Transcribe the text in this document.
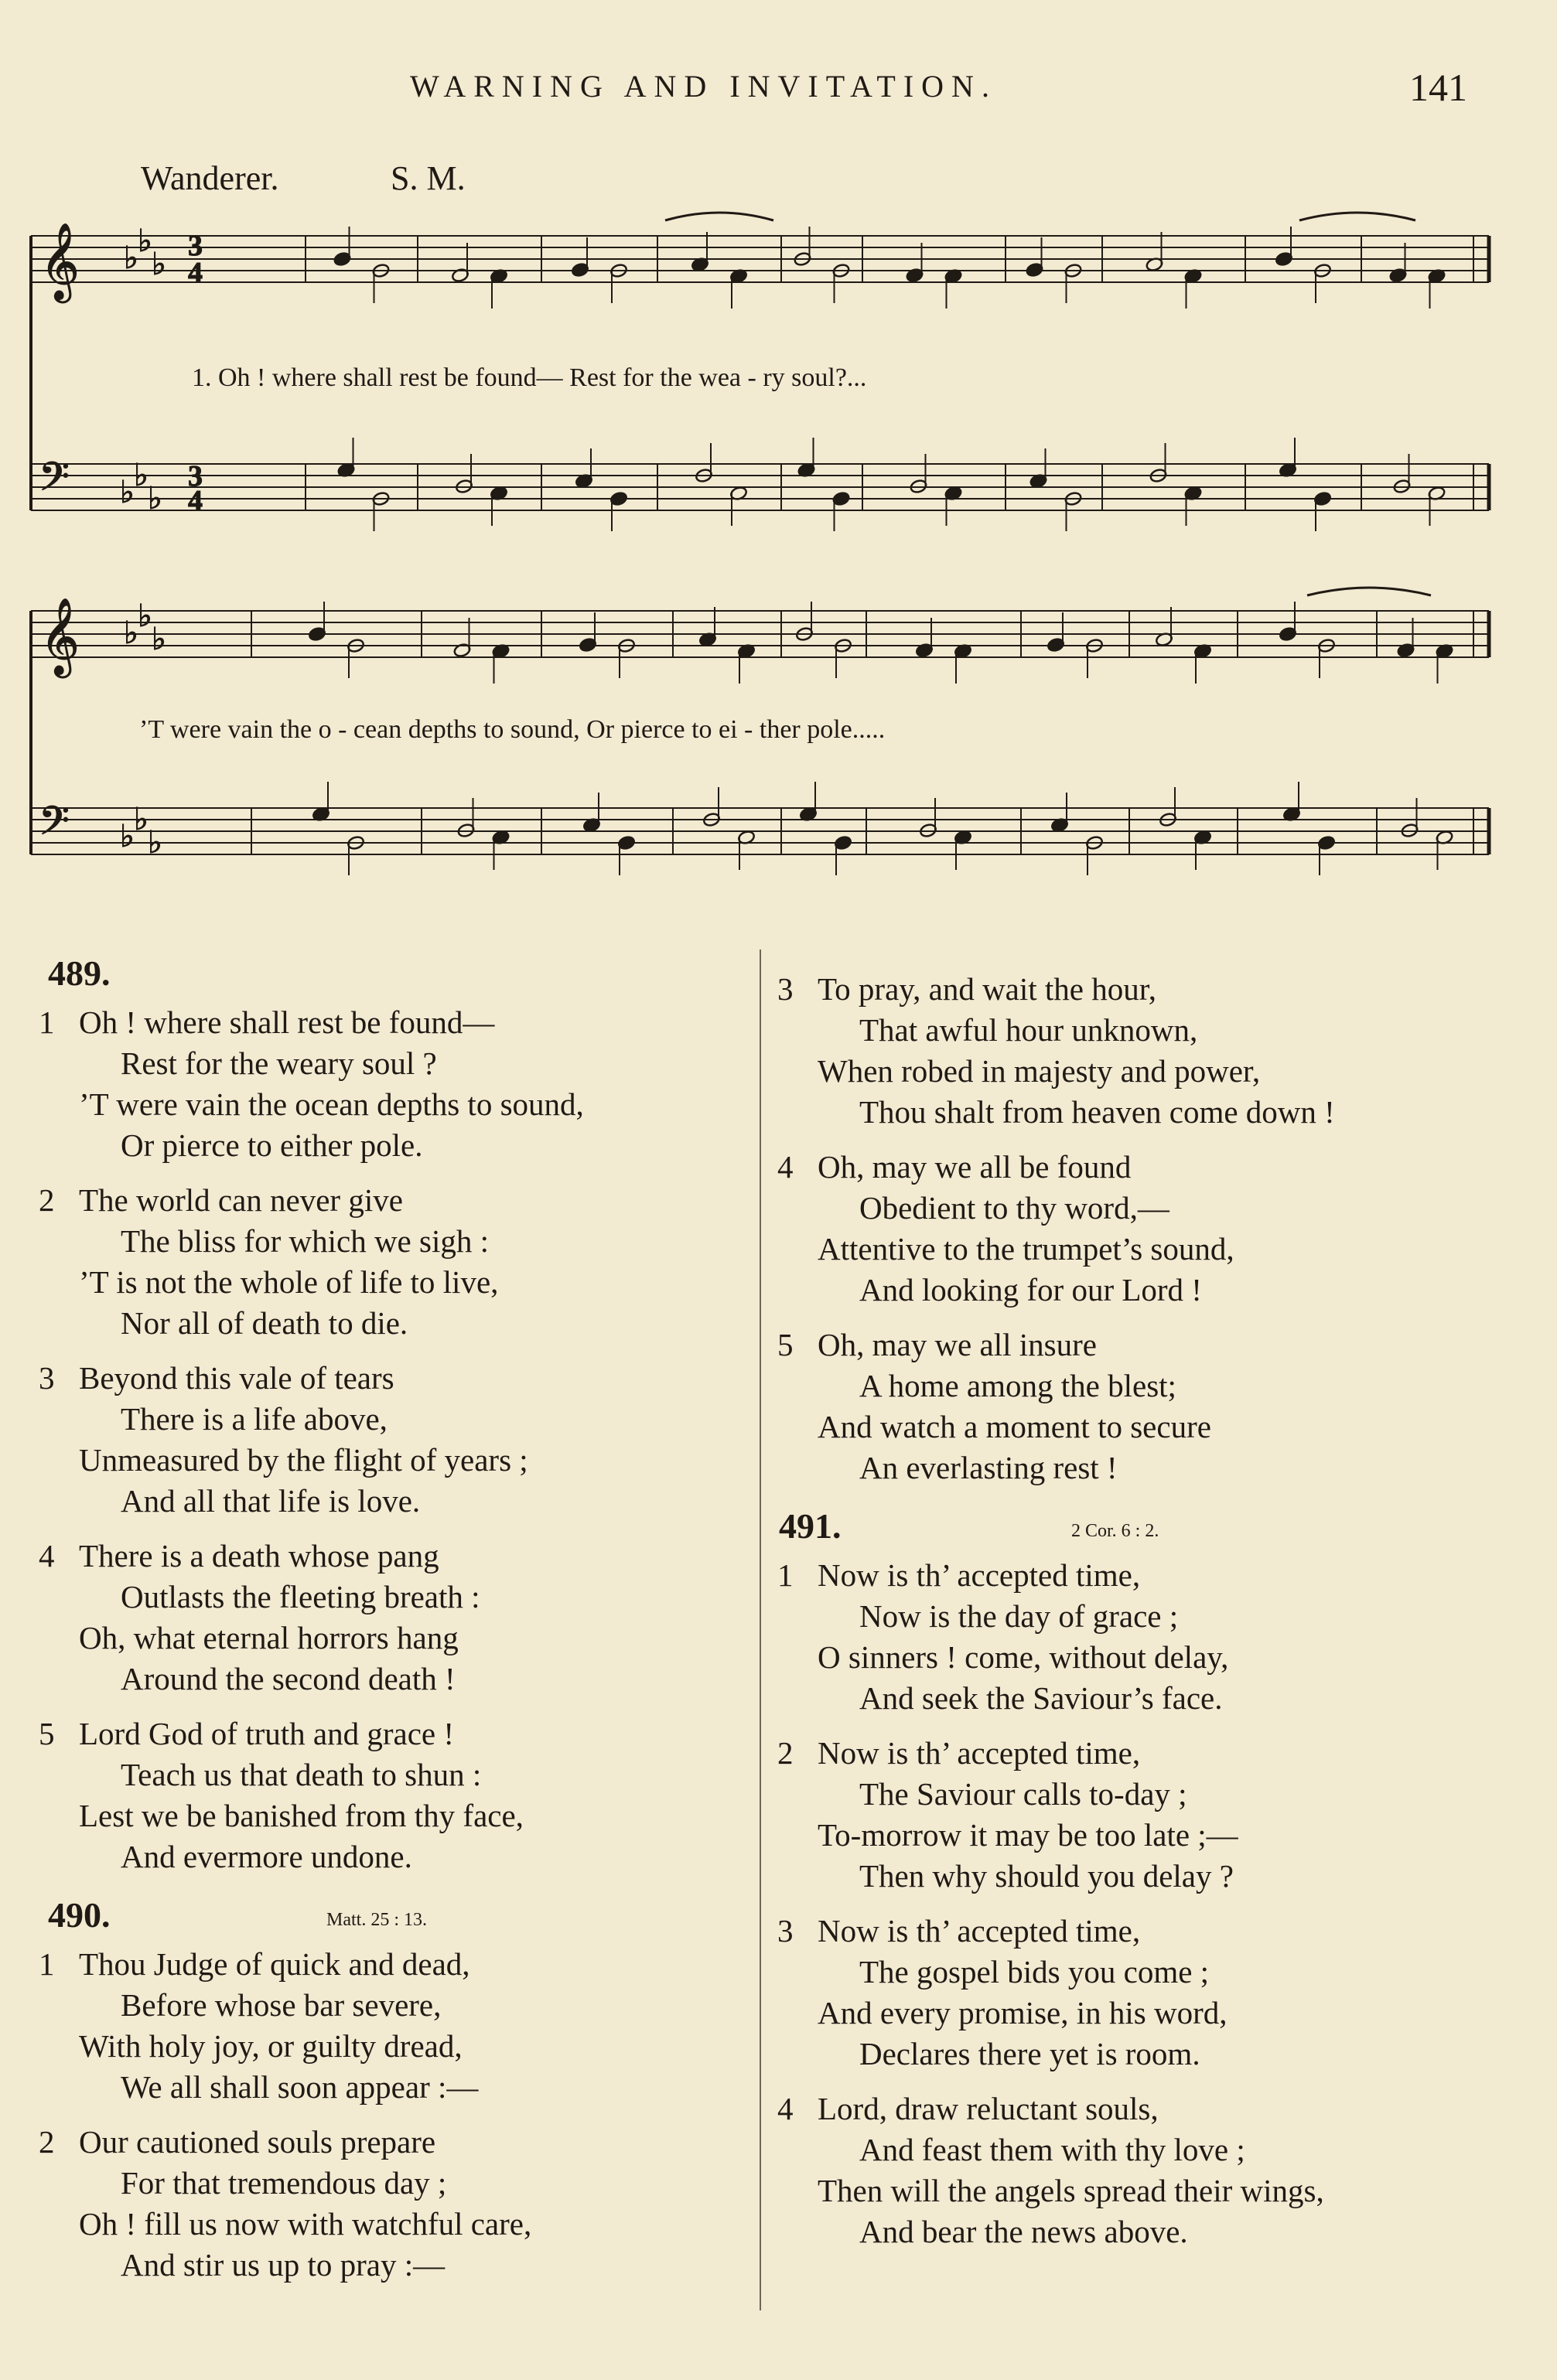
WARNING AND INVITATION.	141
Wanderer.	S. M.
𝄞
𝄢
♭ ♭
♭
♭ ♭
♭
𝄞
𝄢
♭ ♭
♭
♭ ♭
♭
3
4
3
4
1. Oh ! where shall rest be found— Rest for the wea - ry soul?...
’T were vain the o - cean depths to sound, Or pierce to ei - ther pole.....
489.
1 Oh ! where shall rest be found—
Rest for the weary soul ?
’T were vain the ocean depths to sound,
Or pierce to either pole.
2 The world can never give
The bliss for which we sigh :
’T is not the whole of life to live,
Nor all of death to die.
3 Beyond this vale of tears
There is a life above,
Unmeasured by the flight of years ;
And all that life is love.
4 There is a death whose pang
Outlasts the fleeting breath :
Oh, what eternal horrors hang
Around the second death !
5 Lord God of truth and grace !
Teach us that death to shun :
Lest we be banished from thy face,
And evermore undone.
490.	Matt. 25 : 13.
1 Thou Judge of quick and dead,
Before whose bar severe,
With holy joy, or guilty dread,
We all shall soon appear :—
2 Our cautioned souls prepare
For that tremendous day ;
Oh ! fill us now with watchful care,
And stir us up to pray :—
3 To pray, and wait the hour,
That awful hour unknown,
When robed in majesty and power,
Thou shalt from heaven come down !
4 Oh, may we all be found
Obedient to thy word,—
Attentive to the trumpet’s sound,
And looking for our Lord !
5 Oh, may we all insure
A home among the blest;
And watch a moment to secure
An everlasting rest !
491.	2 Cor. 6 : 2.
1 Now is th’ accepted time,
Now is the day of grace ;
O sinners ! come, without delay,
And seek the Saviour’s face.
2 Now is th’ accepted time,
The Saviour calls to-day ;
To-morrow it may be too late ;—
Then why should you delay ?
3 Now is th’ accepted time,
The gospel bids you come ;
And every promise, in his word,
Declares there yet is room.
4 Lord, draw reluctant souls,
And feast them with thy love ;
Then will the angels spread their wings,
And bear the news above.
